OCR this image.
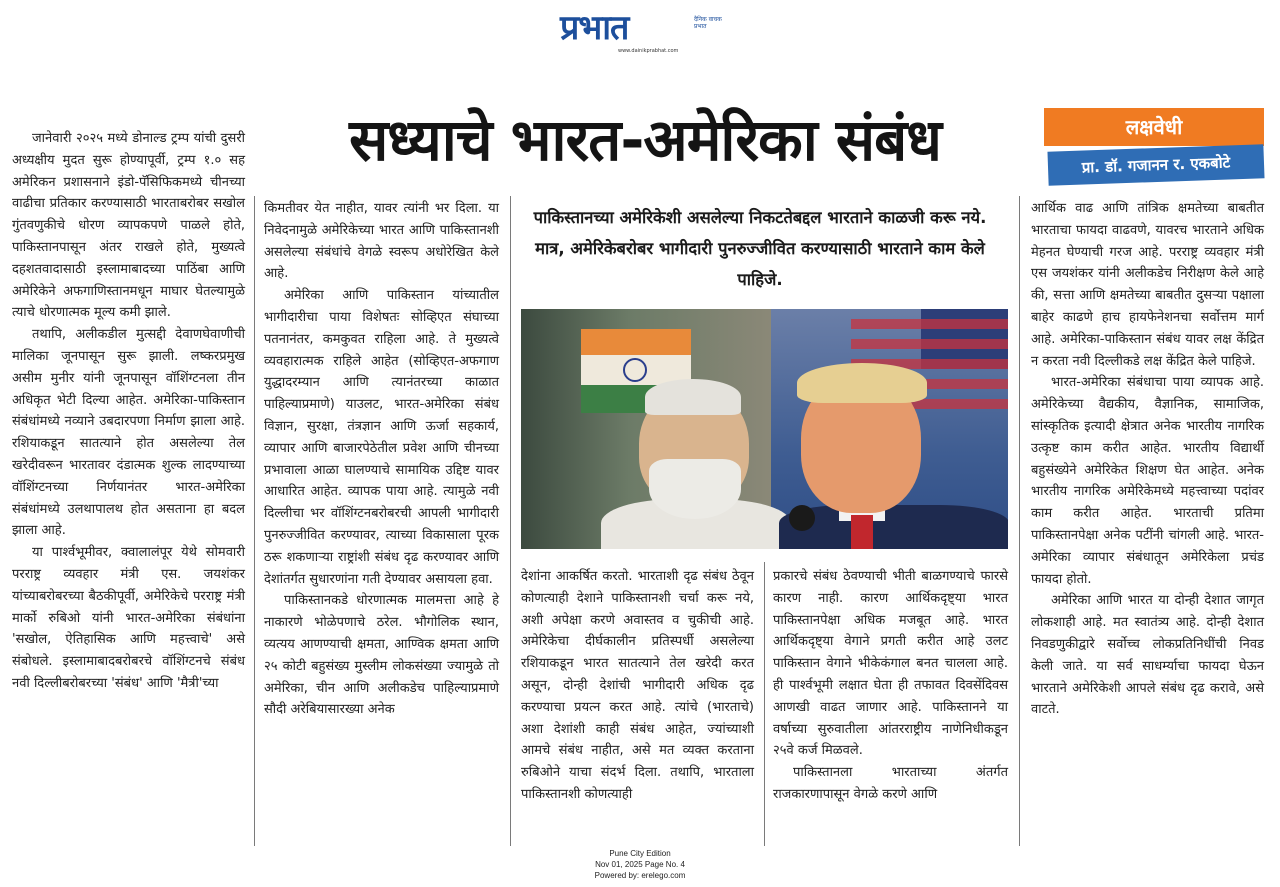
प्रभात	दैनिक वाचक प्रभात
www.dainikprabhat.com
सध्याचे भारत-अमेरिका संबंध	लक्षवेधी
प्रा. डॉ. गजानन र. एकबोटे
पाकिस्तानच्या अमेरिकेशी असलेल्या निकटतेबद्दल भारताने काळजी करू नये. मात्र, अमेरिकेबरोबर भागीदारी पुनरुज्जीवित करण्यासाठी भारताने काम केले पाहिजे.

जानेवारी २०२५ मध्ये डोनाल्ड ट्रम्प यांची दुसरी अध्यक्षीय मुदत सुरू होण्यापूर्वी, ट्रम्प १.० सह अमेरिकन प्रशासनाने इंडो-पॅसिफिकमध्ये चीनच्या वाढीचा प्रतिकार करण्यासाठी भारताबरोबर सखोल गुंतवणुकीचे धोरण व्यापकपणे पाळले होते, पाकिस्तानपासून अंतर राखले होते, मुख्यत्वे दहशतवादासाठी इस्लामाबादच्या पाठिंबा आणि अमेरिकेने अफगाणिस्तानमधून माघार घेतल्यामुळे त्याचे धोरणात्मक मूल्य कमी झाले.

तथापि, अलीकडील मुत्सद्दी देवाणघेवाणीची मालिका जूनपासून सुरू झाली. लष्करप्रमुख असीम मुनीर यांनी जूनपासून वॉशिंग्टनला तीन अधिकृत भेटी दिल्या आहेत. अमेरिका-पाकिस्तान संबंधांमध्ये नव्याने उबदारपणा निर्माण झाला आहे. रशियाकडून सातत्याने होत असलेल्या तेल खरेदीवरून भारतावर दंडात्मक शुल्क लादण्याच्या वॉशिंग्टनच्या निर्णयानंतर भारत-अमेरिका संबंधांमध्ये उलथापालथ होत असताना हा बदल झाला आहे.

या पार्श्वभूमीवर, क्वालालंपूर येथे सोमवारी परराष्ट्र व्यवहार मंत्री एस. जयशंकर यांच्याबरोबरच्या बैठकीपूर्वी, अमेरिकेचे परराष्ट्र मंत्री मार्को रुबिओ यांनी भारत-अमेरिका संबंधांना 'सखोल, ऐतिहासिक आणि महत्त्वाचे' असे संबोधले. इस्लामाबादबरोबरचे वॉशिंग्टनचे संबंध नवी दिल्लीबरोबरच्या 'संबंध' आणि 'मैत्री'च्या

किमतीवर येत नाहीत, यावर त्यांनी भर दिला. या निवेदनामुळे अमेरिकेच्या भारत आणि पाकिस्तानशी असलेल्या संबंधांचे वेगळे स्वरूप अधोरेखित केले आहे.

अमेरिका आणि पाकिस्तान यांच्यातील भागीदारीचा पाया विशेषतः सोव्हिएत संघाच्या पतनानंतर, कमकुवत राहिला आहे. ते मुख्यत्वे व्यवहारात्मक राहिले आहेत (सोव्हिएत-अफगाण युद्धादरम्यान आणि त्यानंतरच्या काळात पाहिल्याप्रमाणे) याउलट, भारत-अमेरिका संबंध विज्ञान, सुरक्षा, तंत्रज्ञान आणि ऊर्जा सहकार्य, व्यापार आणि बाजारपेठेतील प्रवेश आणि चीनच्या प्रभावाला आळा घालण्याचे सामायिक उद्दिष्ट यावर आधारित आहेत. व्यापक पाया आहे. त्यामुळे नवी दिल्लीचा भर वॉशिंग्टनबरोबरची आपली भागीदारी पुनरुज्जीवित करण्यावर, त्याच्या विकासाला पूरक ठरू शकणाऱ्या राष्ट्रांशी संबंध दृढ करण्यावर आणि देशांतर्गत सुधारणांना गती देण्यावर असायला हवा.

पाकिस्तानकडे धोरणात्मक मालमत्ता आहे हे नाकारणे भोळेपणाचे ठरेल. भौगोलिक स्थान, व्यत्यय आणण्याची क्षमता, आण्विक क्षमता आणि २५ कोटी बहुसंख्य मुस्लीम लोकसंख्या ज्यामुळे तो अमेरिका, चीन आणि अलीकडेच पाहिल्याप्रमाणे सौदी अरेबियासारख्या अनेक

देशांना आकर्षित करतो. भारताशी दृढ संबंध ठेवून कोणत्याही देशाने पाकिस्तानशी चर्चा करू नये, अशी अपेक्षा करणे अवास्तव व चुकीची आहे. अमेरिकेचा दीर्घकालीन प्रतिस्पर्धी असलेल्या रशियाकडून भारत सातत्याने तेल खरेदी करत असून, दोन्ही देशांची भागीदारी अधिक दृढ करण्याचा प्रयत्न करत आहे. त्यांचे (भारताचे) अशा देशांशी काही संबंध आहेत, ज्यांच्याशी आमचे संबंध नाहीत, असे मत व्यक्त करताना रुबिओने याचा संदर्भ दिला. तथापि, भारताला पाकिस्तानशी कोणत्याही

प्रकारचे संबंध ठेवण्याची भीती बाळगण्याचे फारसे कारण नाही. कारण आर्थिकदृष्ट्या भारत पाकिस्तानपेक्षा अधिक मजबूत आहे. भारत आर्थिकदृष्ट्या वेगाने प्रगती करीत आहे उलट पाकिस्तान वेगाने भीकेकंगाल बनत चालला आहे. ही पार्श्वभूमी लक्षात घेता ही तफावत दिवसेंदिवस आणखी वाढत जाणार आहे. पाकिस्तानने या वर्षाच्या सुरुवातीला आंतरराष्ट्रीय नाणेनिधीकडून २५वे कर्ज मिळवले.

पाकिस्तानला भारताच्या अंतर्गत राजकारणापासून वेगळे करणे आणि

आर्थिक वाढ आणि तांत्रिक क्षमतेच्या बाबतीत भारताचा फायदा वाढवणे, यावरच भारताने अधिक मेहनत घेण्याची गरज आहे. परराष्ट्र व्यवहार मंत्री एस जयशंकर यांनी अलीकडेच निरीक्षण केले आहे की, सत्ता आणि क्षमतेच्या बाबतीत दुसऱ्या पक्षाला बाहेर काढणे हाच हायफेनेशनचा सर्वोत्तम मार्ग आहे. अमेरिका-पाकिस्तान संबंध यावर लक्ष केंद्रित न करता नवी दिल्लीकडे लक्ष केंद्रित केले पाहिजे.

भारत-अमेरिका संबंधाचा पाया व्यापक आहे. अमेरिकेच्या वैद्यकीय, वैज्ञानिक, सामाजिक, सांस्कृतिक इत्यादी क्षेत्रात अनेक भारतीय नागरिक उत्कृष्ट काम करीत आहेत. भारतीय विद्यार्थी बहुसंख्येने अमेरिकेत शिक्षण घेत आहेत. अनेक भारतीय नागरिक अमेरिकेमध्ये महत्त्वाच्या पदांवर काम करीत आहेत. भारताची प्रतिमा पाकिस्तानपेक्षा अनेक पटींनी चांगली आहे. भारत-अमेरिका व्यापार संबंधातून अमेरिकेला प्रचंड फायदा होतो.

अमेरिका आणि भारत या दोन्ही देशात जागृत लोकशाही आहे. मत स्वातंत्र्य आहे. दोन्ही देशात निवडणुकीद्वारे सर्वोच्च लोकप्रतिनिधींची निवड केली जाते. या सर्व साधर्म्याचा फायदा घेऊन भारताने अमेरिकेशी आपले संबंध दृढ करावे, असे वाटते.

Pune City Edition
Nov 01, 2025 Page No. 4
Powered by: erelego.com
